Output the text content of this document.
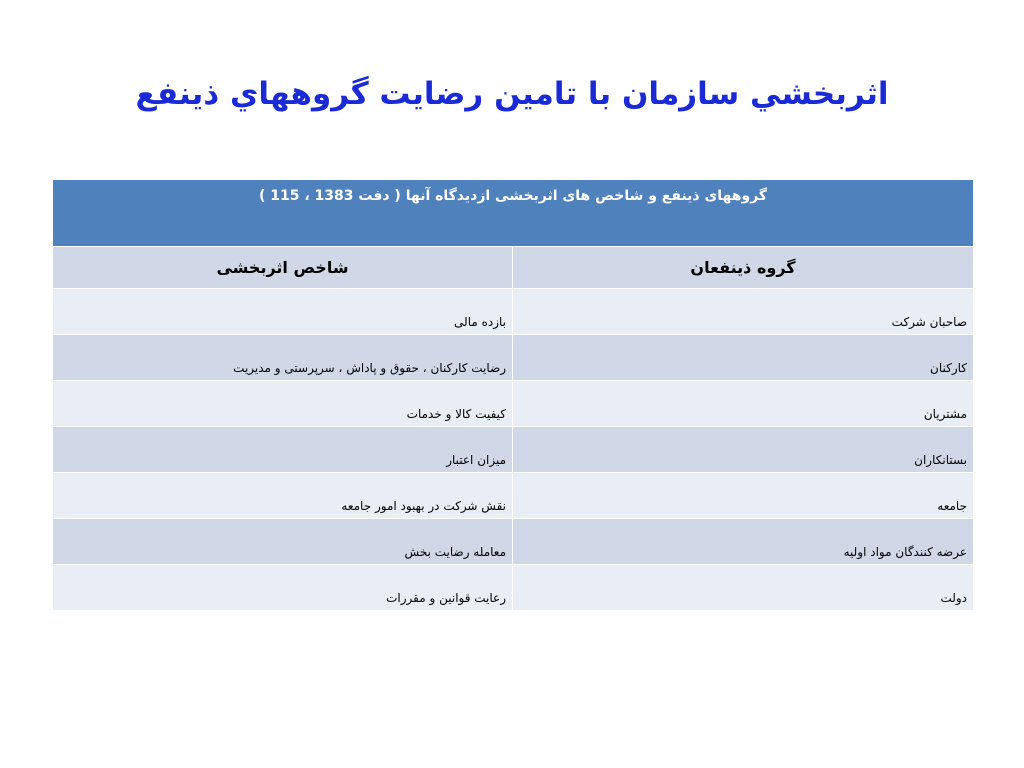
اثربخشي سازمان با تامين رضايت گروههاي ذينفع
گروههای ذینفع و شاخص های اثربخشی ازدیدگاه آنها ( دفت 1383 ، 115 )	
گروه ذینفعان	شاخص اثربخشی
صاحبان شرکت	بازده مالی
کارکنان	رضایت کارکنان ، حقوق و پاداش ، سرپرستی و مدیریت
مشتریان	کیفیت کالا و خدمات
بستانکاران	میزان اعتبار
جامعه	نقش شرکت در بهبود امور جامعه
عرضه کنندگان مواد اولیه	معامله رضایت بخش
دولت	رعایت قوانین و مقررات
